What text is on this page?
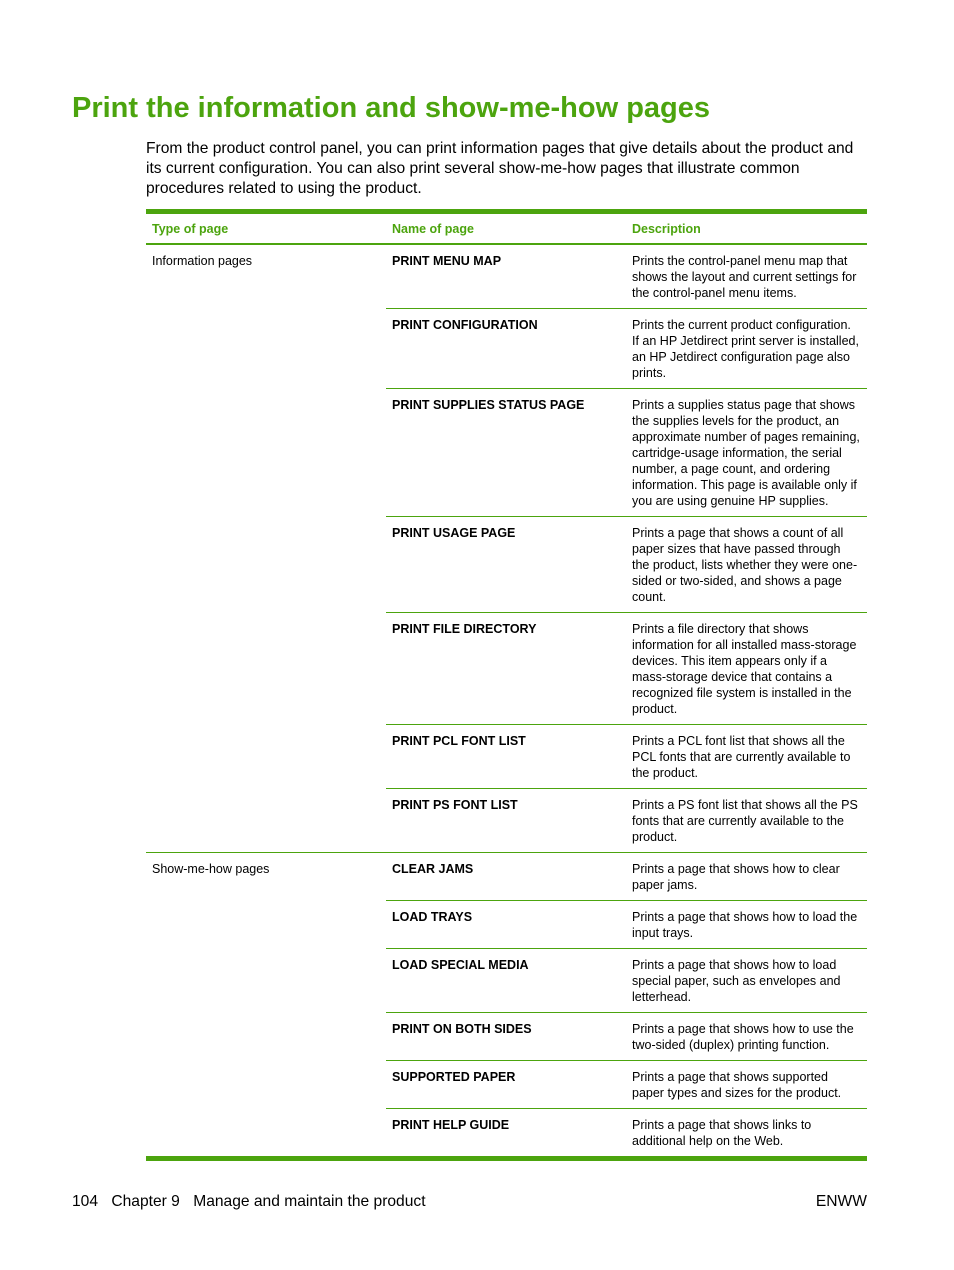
Print the information and show-me-how pages

From the product control panel, you can print information pages that give details about the product and its current configuration. You can also print several show-me-how pages that illustrate common procedures related to using the product.

Type of page	Name of page	Description
Information pages	PRINT MENU MAP	Prints the control-panel menu map that shows the layout and current settings for the control-panel menu items.
PRINT CONFIGURATION	Prints the current product configuration. If an HP Jetdirect print server is installed, an HP Jetdirect configuration page also prints.
PRINT SUPPLIES STATUS PAGE	Prints a supplies status page that shows the supplies levels for the product, an approximate number of pages remaining, cartridge-usage information, the serial number, a page count, and ordering information. This page is available only if you are using genuine HP supplies.
PRINT USAGE PAGE	Prints a page that shows a count of all paper sizes that have passed through the product, lists whether they were one-sided or two-sided, and shows a page count.
PRINT FILE DIRECTORY	Prints a file directory that shows information for all installed mass-storage devices. This item appears only if a mass-storage device that contains a recognized file system is installed in the product.
PRINT PCL FONT LIST	Prints a PCL font list that shows all the PCL fonts that are currently available to the product.
PRINT PS FONT LIST	Prints a PS font list that shows all the PS fonts that are currently available to the product.
Show-me-how pages	CLEAR JAMS	Prints a page that shows how to clear paper jams.
LOAD TRAYS	Prints a page that shows how to load the input trays.
LOAD SPECIAL MEDIA	Prints a page that shows how to load special paper, such as envelopes and letterhead.
PRINT ON BOTH SIDES	Prints a page that shows how to use the two-sided (duplex) printing function.
SUPPORTED PAPER	Prints a page that shows supported paper types and sizes for the product.
PRINT HELP GUIDE	Prints a page that shows links to additional help on the Web.
104 Chapter 9 Manage and maintain the product	ENWW
